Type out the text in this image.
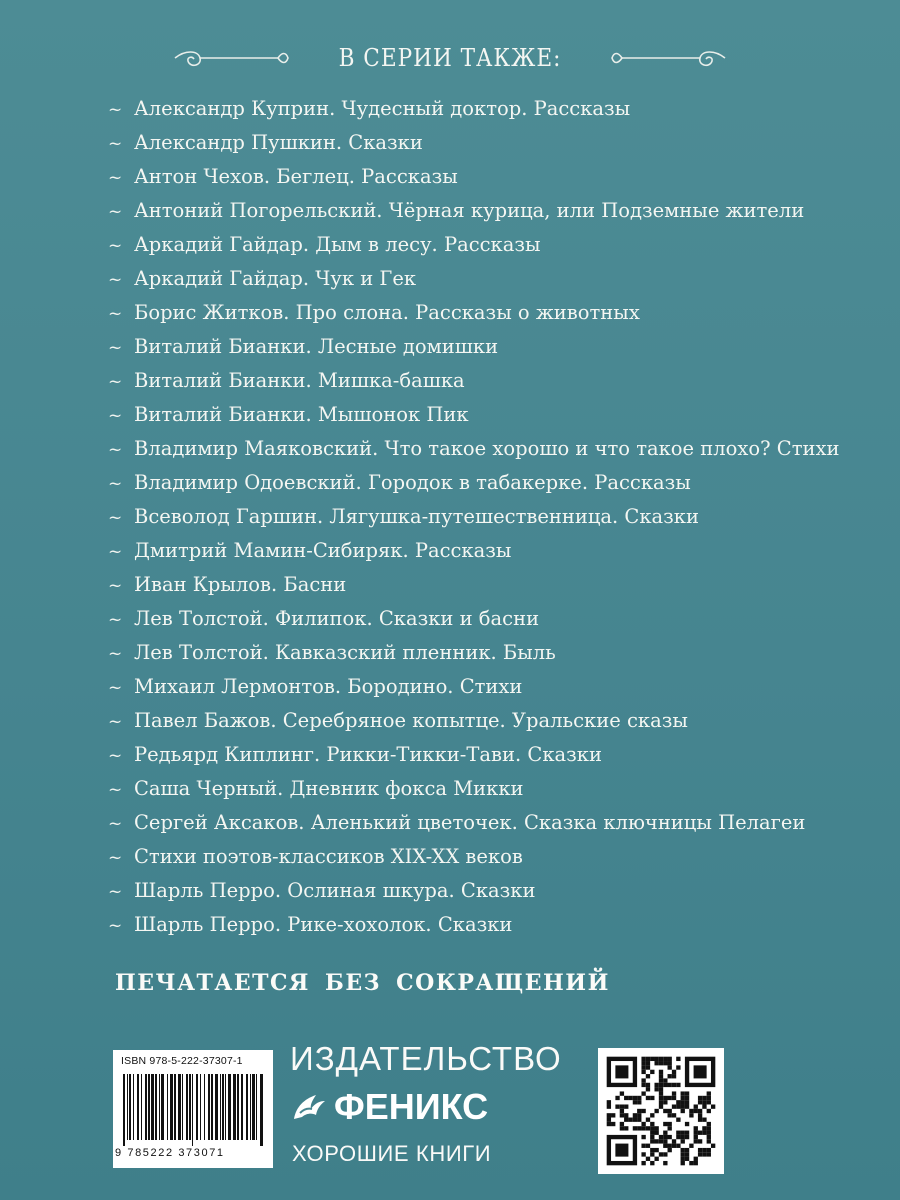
В СЕРИИ ТАКЖЕ:
~ Александр Куприн. Чудесный доктор. Рассказы
~ Александр Пушкин. Сказки
~ Антон Чехов. Беглец. Рассказы
~ Антоний Погорельский. Чёрная курица, или Подземные жители
~ Аркадий Гайдар. Дым в лесу. Рассказы
~ Аркадий Гайдар. Чук и Гек
~ Борис Житков. Про слона. Рассказы о животных
~ Виталий Бианки. Лесные домишки
~ Виталий Бианки. Мишка-башка
~ Виталий Бианки. Мышонок Пик
~ Владимир Маяковский. Что такое хорошо и что такое плохо? Стихи
~ Владимир Одоевский. Городок в табакерке. Рассказы
~ Всеволод Гаршин. Лягушка-путешественница. Сказки
~ Дмитрий Мамин-Сибиряк. Рассказы
~ Иван Крылов. Басни
~ Лев Толстой. Филипок. Сказки и басни
~ Лев Толстой. Кавказский пленник. Быль
~ Михаил Лермонтов. Бородино. Стихи
~ Павел Бажов. Серебряное копытце. Уральские сказы
~ Редьярд Киплинг. Рикки-Тикки-Тави. Сказки
~ Саша Черный. Дневник фокса Микки
~ Сергей Аксаков. Аленький цветочек. Сказка ключницы Пелагеи
~ Стихи поэтов-классиков XIX-XX веков
~ Шарль Перро. Ослиная шкура. Сказки
~ Шарль Перро. Рике-хохолок. Сказки
ПЕЧАТАЕТСЯ БЕЗ СОКРАЩЕНИЙ
ISBN 978-5-222-37307-1
9 785222 373071
ИЗДАТЕЛЬСТВО
ФЕНИКС
ХОРОШИЕ КНИГИ
